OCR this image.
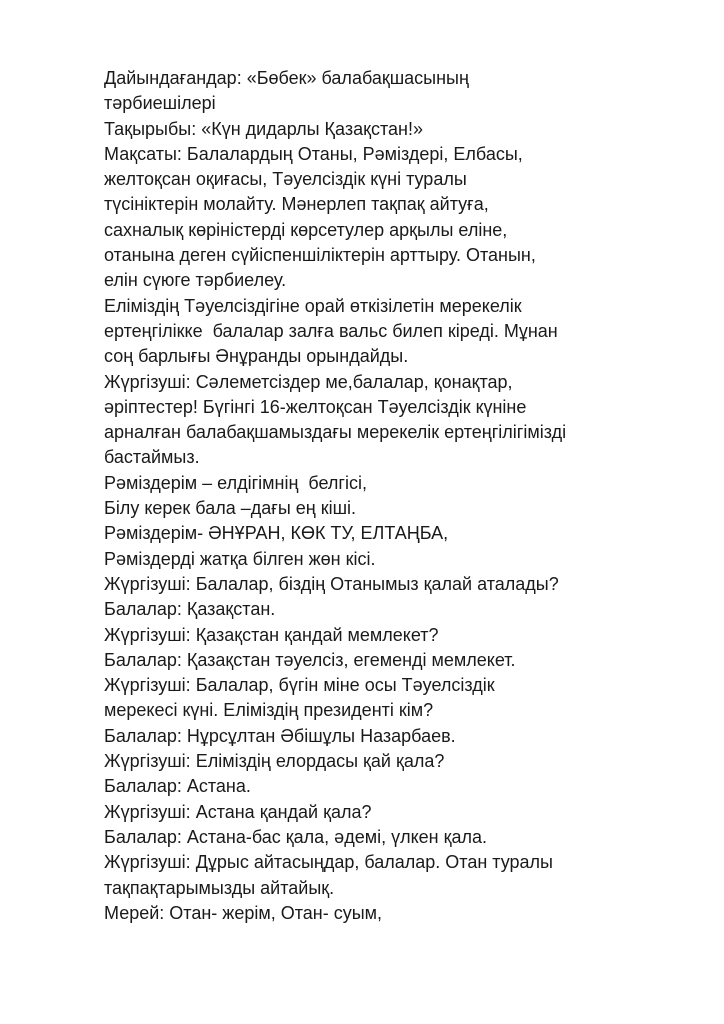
Дайындағандар: «Бөбек» балабақшасының
тәрбиешілері
Тақырыбы: «Күн дидарлы Қазақстан!»
Мақсаты: Балалардың Отаны, Рәміздері, Елбасы,
желтоқсан оқиғасы, Тәуелсіздік күні туралы
түсініктерін молайту. Мәнерлеп тақпақ айтуға,
сахналық көріністерді көрсетулер арқылы еліне,
отанына деген сүйіспеншіліктерін арттыру. Отанын,
елін сүюге тәрбиелеу.
Еліміздің Тәуелсіздігіне орай өткізілетін мерекелік
ертеңгілікке  балалар залға вальс билеп кіреді. Мұнан
соң барлығы Әнұранды орындайды.
Жүргізуші: Сәлеметсіздер ме,балалар, қонақтар,
әріптестер! Бүгінгі 16-желтоқсан Тәуелсіздік күніне
арналған балабақшамыздағы мерекелік ертеңгілігімізді
бастаймыз.
Рәміздерім – елдігімнің  белгісі,
Білу керек бала –дағы ең кіші.
Рәміздерім- ӘНҰРАН, КӨК ТУ, ЕЛТАҢБА,
Рәміздерді жатқа білген жөн кісі.
Жүргізуші: Балалар, біздің Отанымыз қалай аталады?
Балалар: Қазақстан.
Жүргізуші: Қазақстан қандай мемлекет?
Балалар: Қазақстан тәуелсіз, егеменді мемлекет.
Жүргізуші: Балалар, бүгін міне осы Тәуелсіздік
мерекесі күні. Еліміздің президенті кім?
Балалар: Нұрсұлтан Әбішұлы Назарбаев.
Жүргізуші: Еліміздің елордасы қай қала?
Балалар: Астана.
Жүргізуші: Астана қандай қала?
Балалар: Астана-бас қала, әдемі, үлкен қала.
Жүргізуші: Дұрыс айтасыңдар, балалар. Отан туралы
тақпақтарымызды айтайық.
Мерей: Отан- жерім, Отан- суым,
